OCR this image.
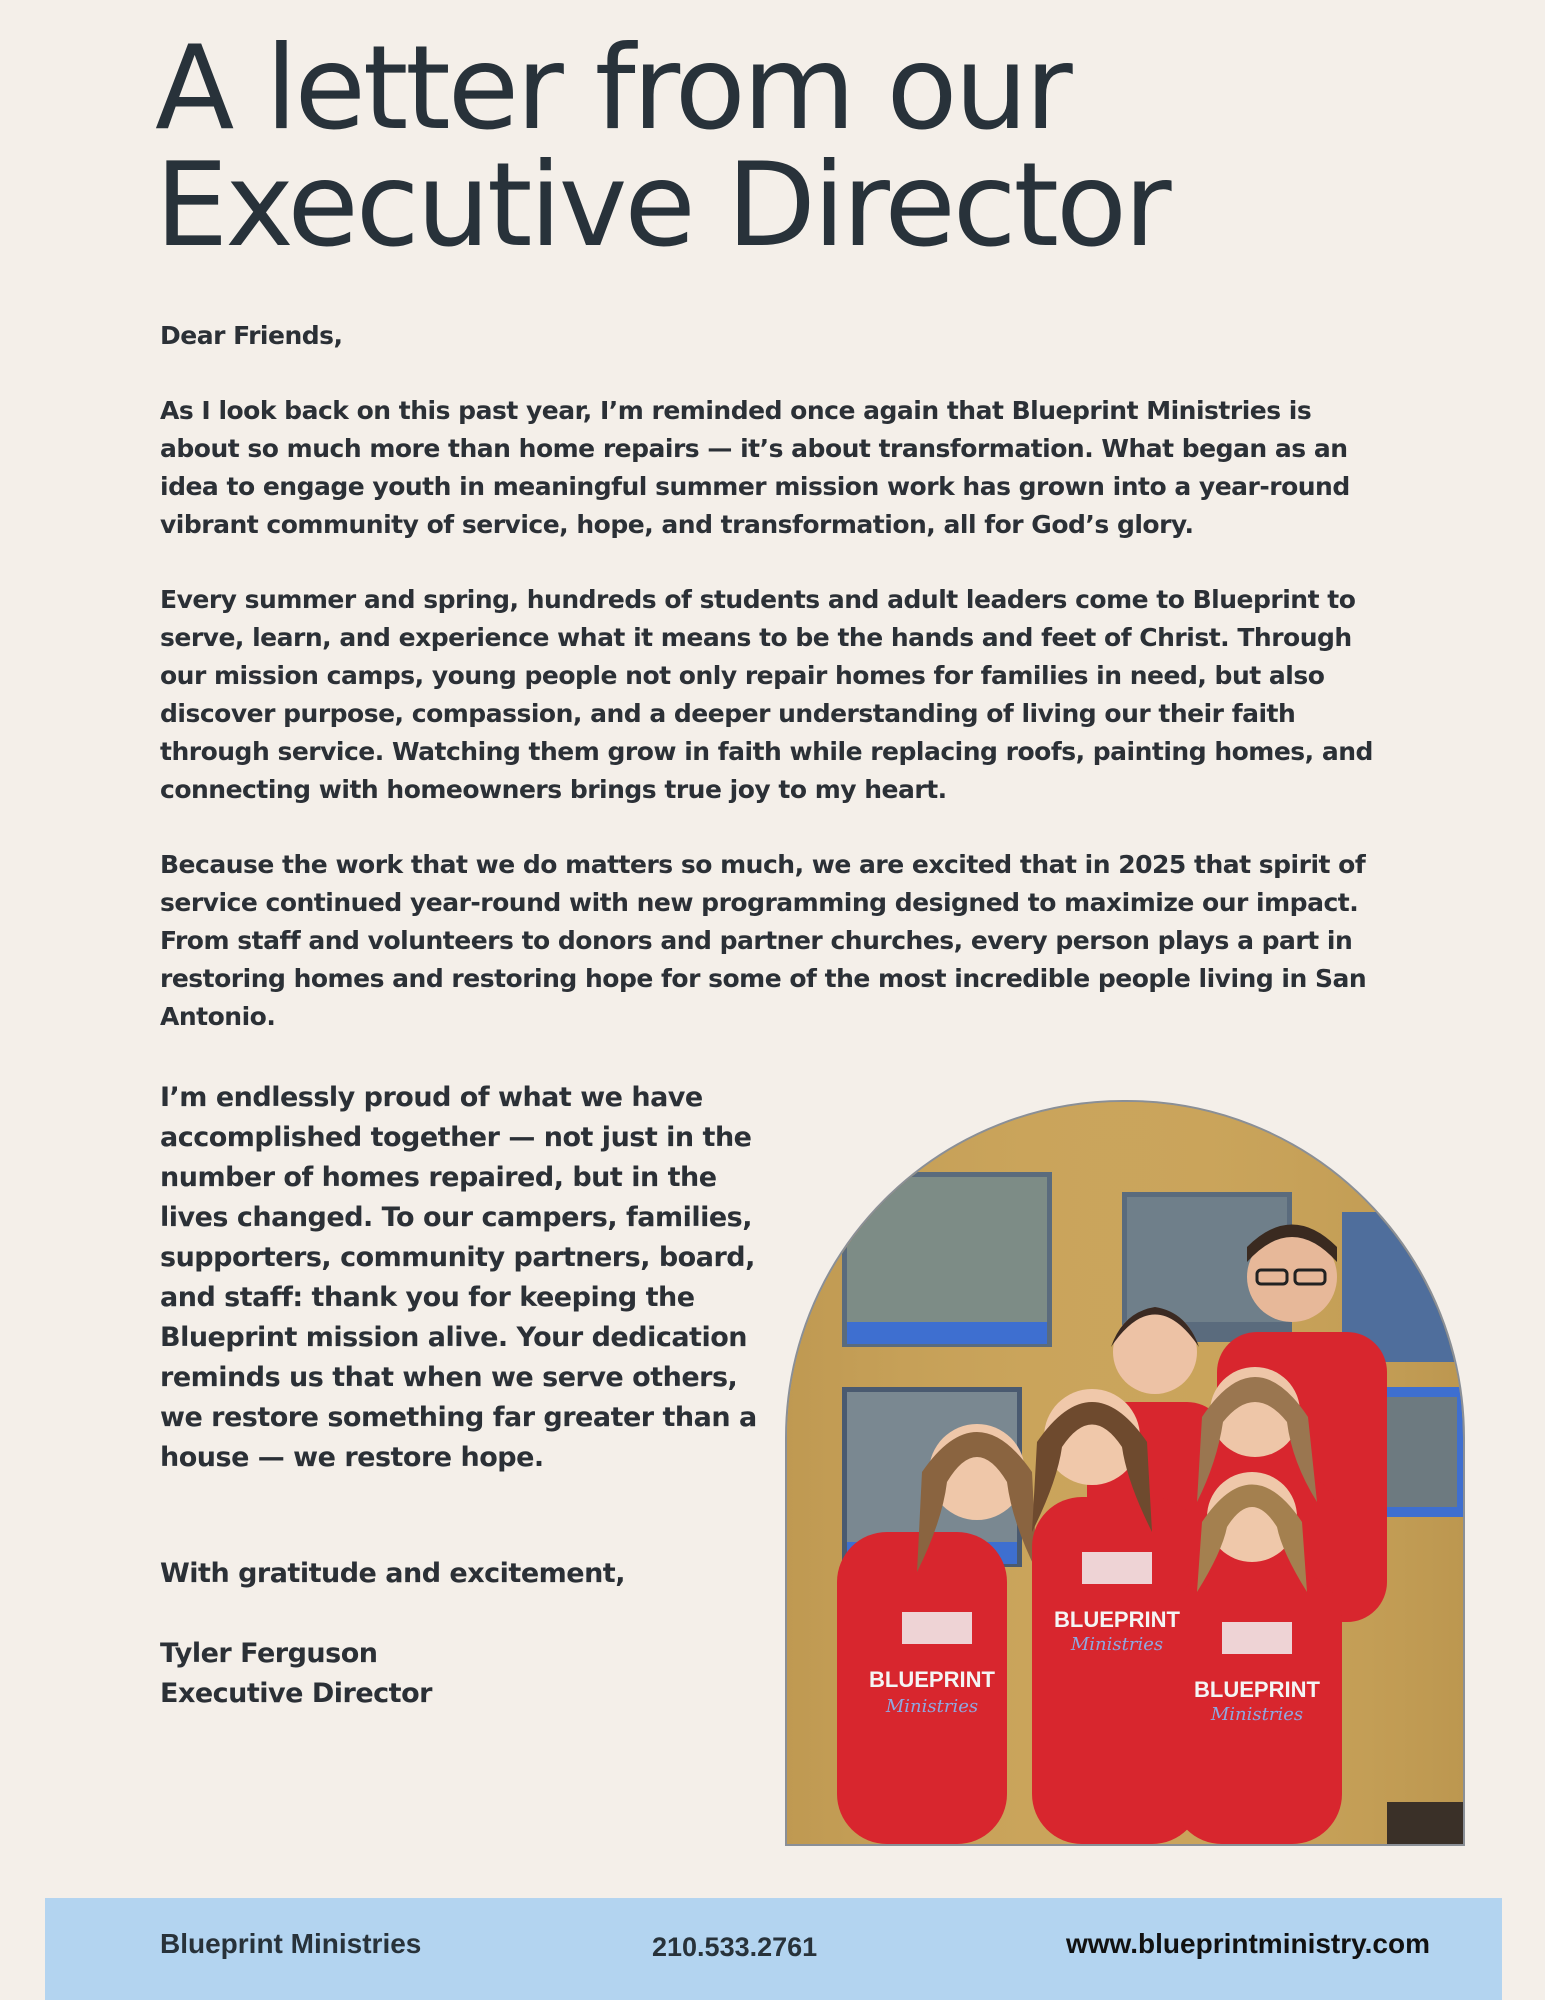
A letter from our
Executive Director

Dear Friends,

As I look back on this past year, I’m reminded once again that Blueprint Ministries is about so much more than home repairs — it’s about transformation. What began as an idea to engage youth in meaningful summer mission work has grown into a year-round vibrant community of service, hope, and transformation, all for God’s glory.

Every summer and spring, hundreds of students and adult leaders come to Blueprint to serve, learn, and experience what it means to be the hands and feet of Christ. Through our mission camps, young people not only repair homes for families in need, but also discover purpose, compassion, and a deeper understanding of living our their faith through service. Watching them grow in faith while replacing roofs, painting homes, and connecting with homeowners brings true joy to my heart.

Because the work that we do matters so much, we are excited that in 2025 that spirit of service continued year-round with new programming designed to maximize our impact. From staff and volunteers to donors and partner churches, every person plays a part in restoring homes and restoring hope for some of the most incredible people living in San Antonio.

I’m endlessly proud of what we have accomplished together — not just in the number of homes repaired, but in the lives changed. To our campers, families, supporters, community partners, board, and staff: thank you for keeping the Blueprint mission alive. Your dedication reminds us that when we serve others, we restore something far greater than a house — we restore hope.

With gratitude and excitement,

Tyler Ferguson

Executive Director	BLUEPRINT
Ministries
BLUEPRINT
Ministries
BLUEPRINT
Ministries

Blueprint Ministries	210.533.2761	www.blueprintministry.com
